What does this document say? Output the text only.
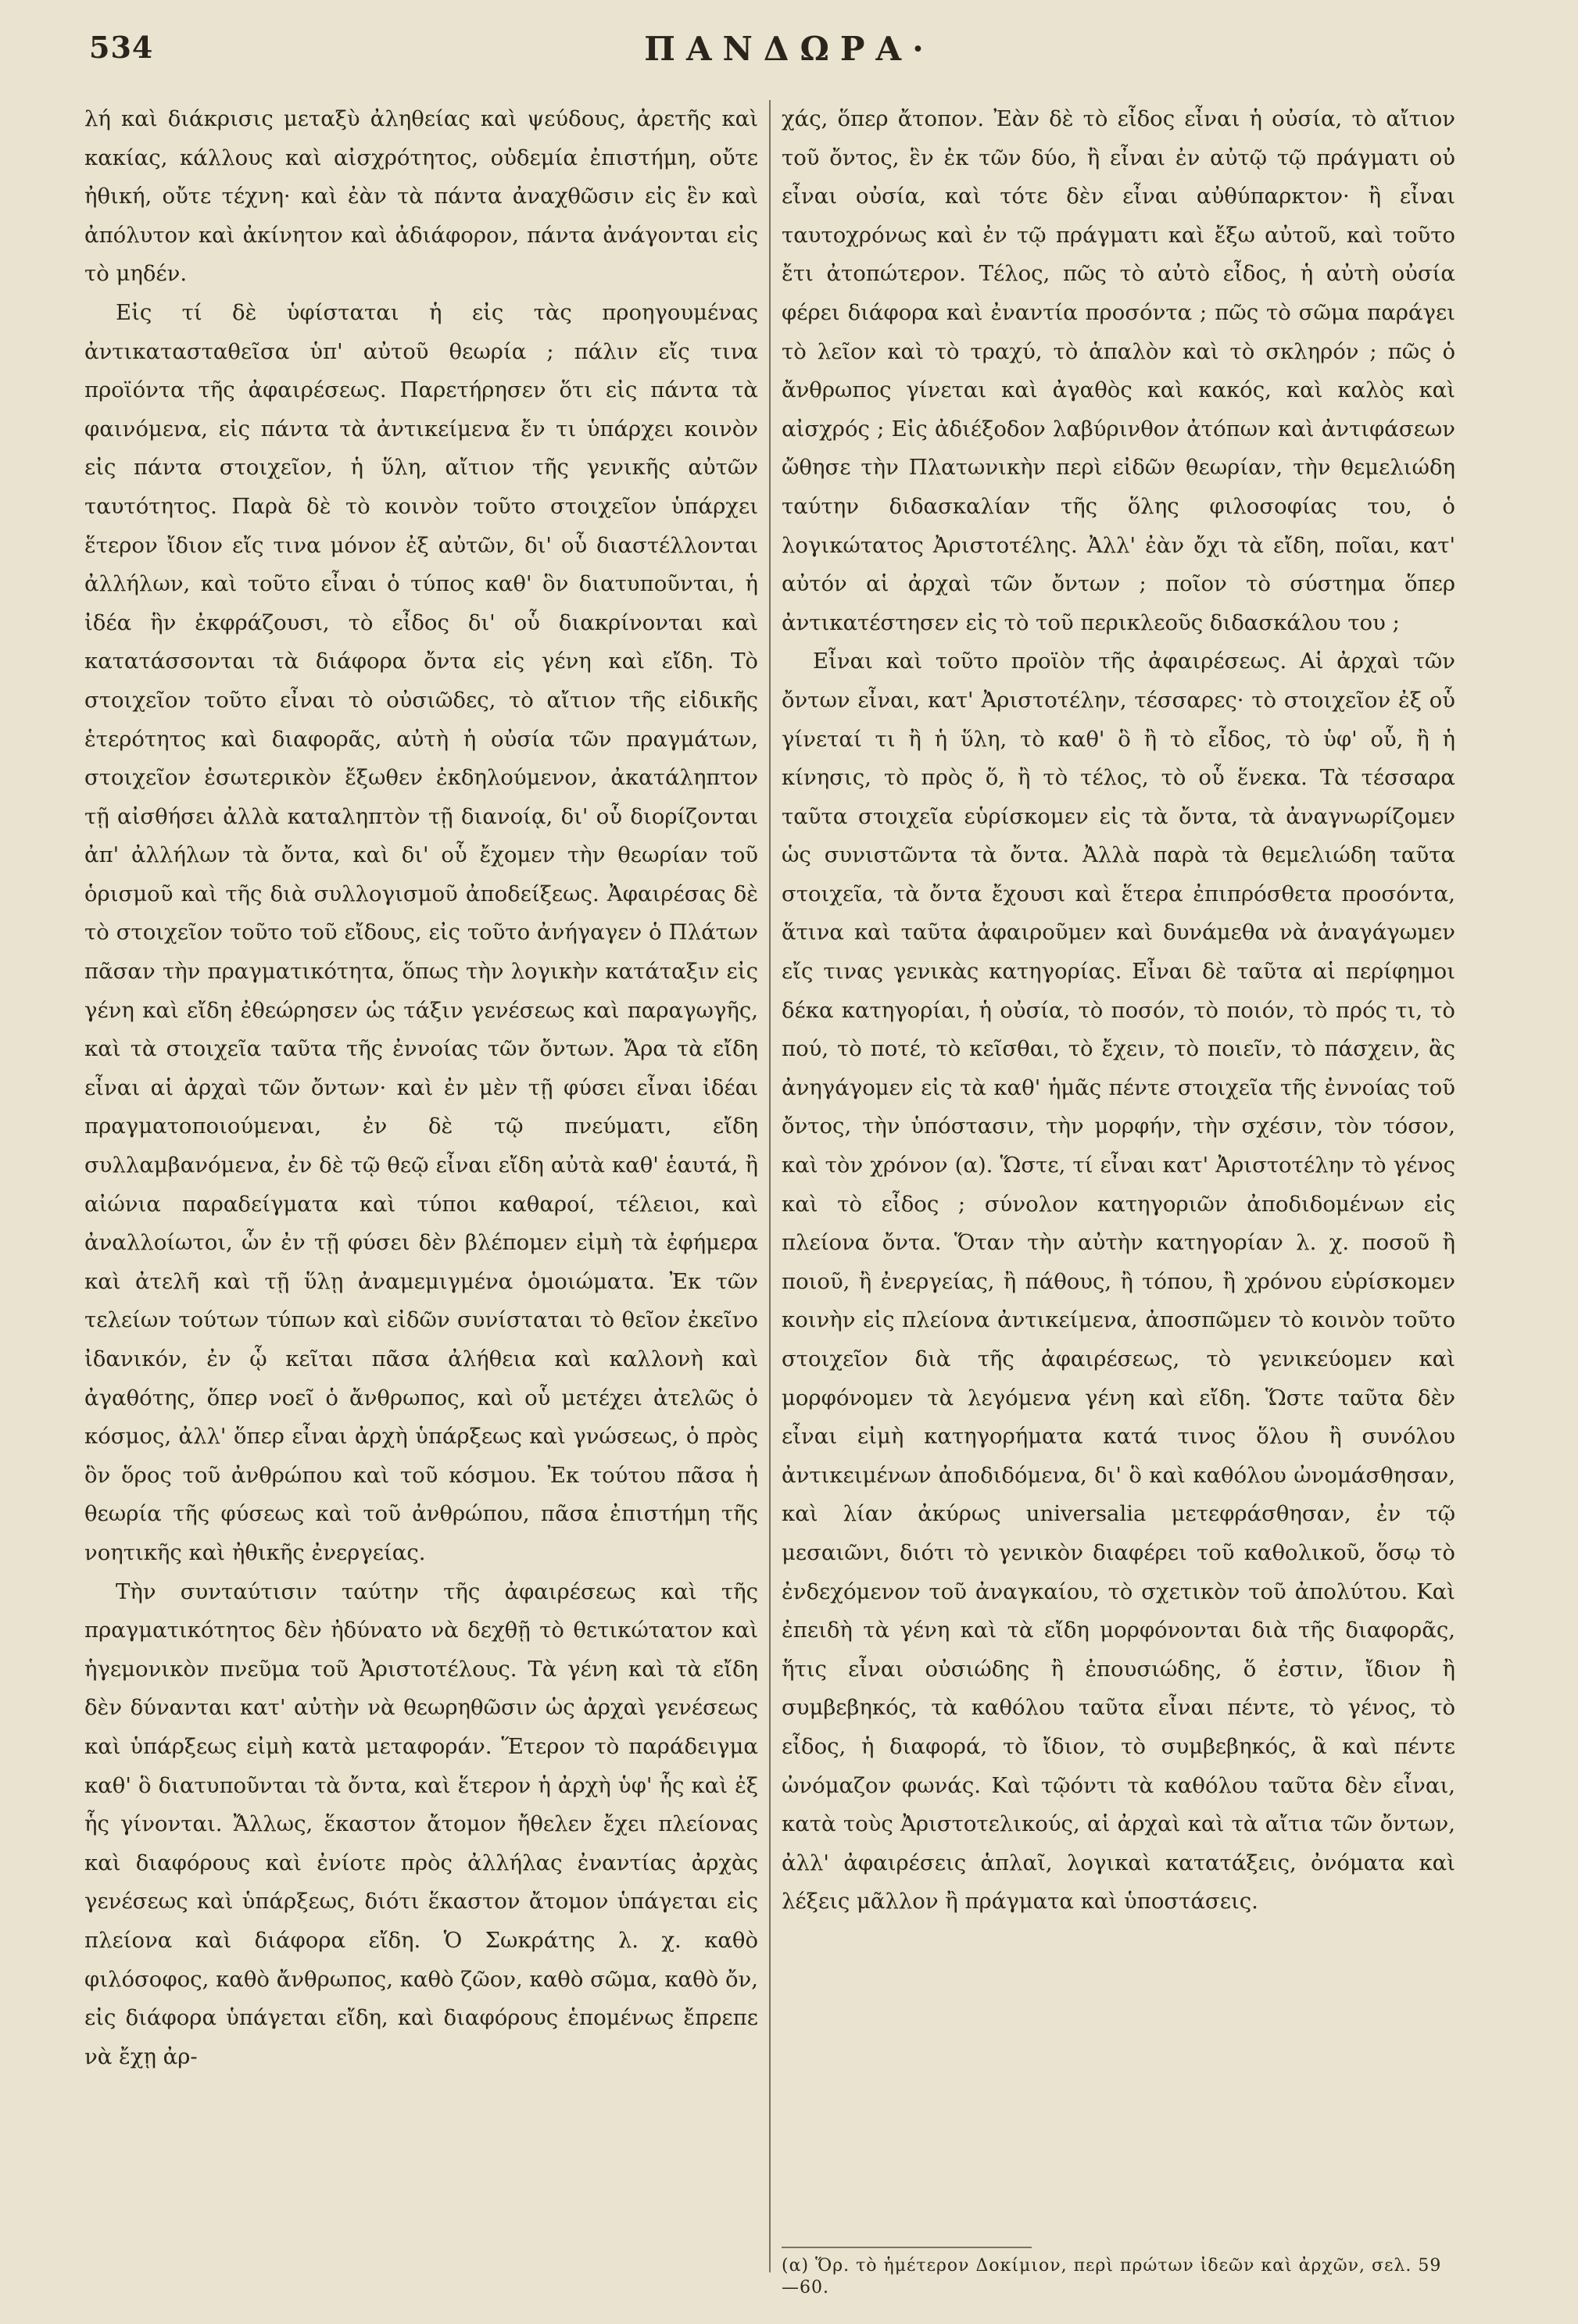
534	ΠΑΝΔΩΡΑ·

λή καὶ διάκρισις μεταξὺ ἀληθείας καὶ ψεύδους, ἀρετῆς καὶ κακίας, κάλλους καὶ αἰσχρότητος, οὐδεμία ἐπιστήμη, οὔτε ἠθική, οὔτε τέχνη· καὶ ἐὰν τὰ πάντα ἀναχθῶσιν εἰς ἓν καὶ ἀπόλυτον καὶ ἀκίνητον καὶ ἀδιάφορον, πάντα ἀνάγονται εἰς τὸ μηδέν.

Εἰς τί δὲ ὑφίσταται ἡ εἰς τὰς προηγουμένας ἀντικατασταθεῖσα ὑπ' αὐτοῦ θεωρία ; πάλιν εἴς τινα προϊόντα τῆς ἀφαιρέσεως. Παρετήρησεν ὅτι εἰς πάντα τὰ φαινόμενα, εἰς πάντα τὰ ἀντικείμενα ἔν τι ὑπάρχει κοινὸν εἰς πάντα στοιχεῖον, ἡ ὕλη, αἴτιον τῆς γενικῆς αὐτῶν ταυτότητος. Παρὰ δὲ τὸ κοινὸν τοῦτο στοιχεῖον ὑπάρχει ἕτερον ἴδιον εἴς τινα μόνον ἐξ αὐτῶν, δι' οὗ διαστέλλονται ἀλλήλων, καὶ τοῦτο εἶναι ὁ τύπος καθ' ὃν διατυποῦνται, ἡ ἰδέα ἣν ἐκφράζουσι, τὸ εἶδος δι' οὗ διακρίνονται καὶ κατατάσσονται τὰ διάφορα ὄντα εἰς γένη καὶ εἴδη. Τὸ στοιχεῖον τοῦτο εἶναι τὸ οὐσιῶδες, τὸ αἴτιον τῆς εἰδικῆς ἑτερότητος καὶ διαφορᾶς, αὐτὴ ἡ οὐσία τῶν πραγμάτων, στοιχεῖον ἐσωτερικὸν ἔξωθεν ἐκδηλούμενον, ἀκατάληπτον τῇ αἰσθήσει ἀλλὰ καταληπτὸν τῇ διανοίᾳ, δι' οὗ διορίζονται ἀπ' ἀλλήλων τὰ ὄντα, καὶ δι' οὗ ἔχομεν τὴν θεωρίαν τοῦ ὁρισμοῦ καὶ τῆς διὰ συλλογισμοῦ ἀποδείξεως. Ἀφαιρέσας δὲ τὸ στοιχεῖον τοῦτο τοῦ εἴδους, εἰς τοῦτο ἀνήγαγεν ὁ Πλάτων πᾶσαν τὴν πραγματικότητα, ὅπως τὴν λογικὴν κατάταξιν εἰς γένη καὶ εἴδη ἐθεώρησεν ὡς τάξιν γενέσεως καὶ παραγωγῆς, καὶ τὰ στοιχεῖα ταῦτα τῆς ἐννοίας τῶν ὄντων. Ἄρα τὰ εἴδη εἶναι αἱ ἀρχαὶ τῶν ὄντων· καὶ ἐν μὲν τῇ φύσει εἶναι ἰδέαι πραγματοποιούμεναι, ἐν δὲ τῷ πνεύματι, εἴδη συλλαμβανόμενα, ἐν δὲ τῷ θεῷ εἶναι εἴδη αὐτὰ καθ' ἑαυτά, ἢ αἰώνια παραδείγματα καὶ τύποι καθαροί, τέλειοι, καὶ ἀναλλοίωτοι, ὧν ἐν τῇ φύσει δὲν βλέπομεν εἰμὴ τὰ ἐφήμερα καὶ ἀτελῆ καὶ τῇ ὕλῃ ἀναμεμιγμένα ὁμοιώματα. Ἐκ τῶν τελείων τούτων τύπων καὶ εἰδῶν συνίσταται τὸ θεῖον ἐκεῖνο ἰδανικόν, ἐν ᾧ κεῖται πᾶσα ἀλήθεια καὶ καλλονὴ καὶ ἀγαθότης, ὅπερ νοεῖ ὁ ἄνθρωπος, καὶ οὗ μετέχει ἀτελῶς ὁ κόσμος, ἀλλ' ὅπερ εἶναι ἀρχὴ ὑπάρξεως καὶ γνώσεως, ὁ πρὸς ὃν ὅρος τοῦ ἀνθρώπου καὶ τοῦ κόσμου. Ἐκ τούτου πᾶσα ἡ θεωρία τῆς φύσεως καὶ τοῦ ἀνθρώπου, πᾶσα ἐπιστήμη τῆς νοητικῆς καὶ ἠθικῆς ἐνεργείας.

Τὴν συνταύτισιν ταύτην τῆς ἀφαιρέσεως καὶ τῆς πραγματικότητος δὲν ἠδύνατο νὰ δεχθῇ τὸ θετικώτατον καὶ ἡγεμονικὸν πνεῦμα τοῦ Ἀριστοτέλους. Τὰ γένη καὶ τὰ εἴδη δὲν δύνανται κατ' αὐτὴν νὰ θεωρηθῶσιν ὡς ἀρχαὶ γενέσεως καὶ ὑπάρξεως εἰμὴ κατὰ μεταφοράν. Ἕτερον τὸ παράδειγμα καθ' ὃ διατυποῦνται τὰ ὄντα, καὶ ἕτερον ἡ ἀρχὴ ὑφ' ἧς καὶ ἐξ ἧς γίνονται. Ἄλλως, ἕκαστον ἄτομον ἤθελεν ἔχει πλείονας καὶ διαφόρους καὶ ἐνίοτε πρὸς ἀλλήλας ἐναντίας ἀρχὰς γενέσεως καὶ ὑπάρξεως, διότι ἕκαστον ἄτομον ὑπάγεται εἰς πλείονα καὶ διάφορα εἴδη. Ὁ Σωκράτης λ. χ. καθὸ φιλόσοφος, καθὸ ἄνθρωπος, καθὸ ζῶον, καθὸ σῶμα, καθὸ ὄν, εἰς διάφορα ὑπάγεται εἴδη, καὶ διαφόρους ἑπομένως ἔπρεπε νὰ ἔχῃ ἀρ-

χάς, ὅπερ ἄτοπον. Ἐὰν δὲ τὸ εἶδος εἶναι ἡ οὐσία, τὸ αἴτιον τοῦ ὄντος, ἓν ἐκ τῶν δύο, ἢ εἶναι ἐν αὐτῷ τῷ πράγματι οὐ εἶναι οὐσία, καὶ τότε δὲν εἶναι αὐθύπαρκτον· ἢ εἶναι ταυτοχρόνως καὶ ἐν τῷ πράγματι καὶ ἔξω αὐτοῦ, καὶ τοῦτο ἔτι ἀτοπώτερον. Τέλος, πῶς τὸ αὐτὸ εἶδος, ἡ αὐτὴ οὐσία φέρει διάφορα καὶ ἐναντία προσόντα ; πῶς τὸ σῶμα παράγει τὸ λεῖον καὶ τὸ τραχύ, τὸ ἁπαλὸν καὶ τὸ σκληρόν ; πῶς ὁ ἄνθρωπος γίνεται καὶ ἀγαθὸς καὶ κακός, καὶ καλὸς καὶ αἰσχρός ; Εἰς ἀδιέξοδον λαβύρινθον ἀτόπων καὶ ἀντιφάσεων ὤθησε τὴν Πλατωνικὴν περὶ εἰδῶν θεωρίαν, τὴν θεμελιώδη ταύτην διδασκαλίαν τῆς ὅλης φιλοσοφίας του, ὁ λογικώτατος Ἀριστοτέλης. Ἀλλ' ἐὰν ὄχι τὰ εἴδη, ποῖαι, κατ' αὐτόν αἱ ἀρχαὶ τῶν ὄντων ; ποῖον τὸ σύστημα ὅπερ ἀντικατέστησεν εἰς τὸ τοῦ περικλεοῦς διδασκάλου του ;

Εἶναι καὶ τοῦτο προϊὸν τῆς ἀφαιρέσεως. Αἱ ἀρχαὶ τῶν ὄντων εἶναι, κατ' Ἀριστοτέλην, τέσσαρες· τὸ στοιχεῖον ἐξ οὗ γίνεταί τι ἢ ἡ ὕλη, τὸ καθ' ὃ ἢ τὸ εἶδος, τὸ ὑφ' οὗ, ἢ ἡ κίνησις, τὸ πρὸς ὅ, ἢ τὸ τέλος, τὸ οὗ ἕνεκα. Τὰ τέσσαρα ταῦτα στοιχεῖα εὑρίσκομεν εἰς τὰ ὄντα, τὰ ἀναγνωρίζομεν ὡς συνιστῶντα τὰ ὄντα. Ἀλλὰ παρὰ τὰ θεμελιώδη ταῦτα στοιχεῖα, τὰ ὄντα ἔχουσι καὶ ἕτερα ἐπιπρόσθετα προσόντα, ἅτινα καὶ ταῦτα ἀφαιροῦμεν καὶ δυνάμεθα νὰ ἀναγάγωμεν εἴς τινας γενικὰς κατηγορίας. Εἶναι δὲ ταῦτα αἱ περίφημοι δέκα κατηγορίαι, ἡ οὐσία, τὸ ποσόν, τὸ ποιόν, τὸ πρός τι, τὸ πού, τὸ ποτέ, τὸ κεῖσθαι, τὸ ἔχειν, τὸ ποιεῖν, τὸ πάσχειν, ἃς ἀνηγάγομεν εἰς τὰ καθ' ἡμᾶς πέντε στοιχεῖα τῆς ἐννοίας τοῦ ὄντος, τὴν ὑπόστασιν, τὴν μορφήν, τὴν σχέσιν, τὸν τόσον, καὶ τὸν χρόνον (α). Ὥστε, τί εἶναι κατ' Ἀριστοτέλην τὸ γένος καὶ τὸ εἶδος ; σύνολον κατηγοριῶν ἀποδιδομένων εἰς πλείονα ὄντα. Ὅταν τὴν αὐτὴν κατηγορίαν λ. χ. ποσοῦ ἢ ποιοῦ, ἢ ἐνεργείας, ἢ πάθους, ἢ τόπου, ἢ χρόνου εὑρίσκομεν κοινὴν εἰς πλείονα ἀντικείμενα, ἀποσπῶμεν τὸ κοινὸν τοῦτο στοιχεῖον διὰ τῆς ἀφαιρέσεως, τὸ γενικεύομεν καὶ μορφόνομεν τὰ λεγόμενα γένη καὶ εἴδη. Ὥστε ταῦτα δὲν εἶναι εἰμὴ κατηγορήματα κατά τινος ὅλου ἢ συνόλου ἀντικειμένων ἀποδιδόμενα, δι' ὃ καὶ καθόλου ὠνομάσθησαν, καὶ λίαν ἀκύρως universalia μετεφράσθησαν, ἐν τῷ μεσαιῶνι, διότι τὸ γενικὸν διαφέρει τοῦ καθολικοῦ, ὅσῳ τὸ ἐνδεχόμενον τοῦ ἀναγκαίου, τὸ σχετικὸν τοῦ ἀπολύτου. Καὶ ἐπειδὴ τὰ γένη καὶ τὰ εἴδη μορφόνονται διὰ τῆς διαφορᾶς, ἥτις εἶναι οὐσιώδης ἢ ἐπουσιώδης, ὅ ἐστιν, ἴδιον ἢ συμβεβηκός, τὰ καθόλου ταῦτα εἶναι πέντε, τὸ γένος, τὸ εἶδος, ἡ διαφορά, τὸ ἴδιον, τὸ συμβεβηκός, ἃ καὶ πέντε ὠνόμαζον φωνάς. Καὶ τῷόντι τὰ καθόλου ταῦτα δὲν εἶναι, κατὰ τοὺς Ἀριστοτελικούς, αἱ ἀρχαὶ καὶ τὰ αἴτια τῶν ὄντων, ἀλλ' ἀφαιρέσεις ἁπλαῖ, λογικαὶ κατατάξεις, ὀνόματα καὶ λέξεις μᾶλλον ἢ πράγματα καὶ ὑποστάσεις.

(α) Ὅρ. τὸ ἡμέτερον Δοκίμιον, περὶ πρώτων ἰδεῶν καὶ ἀρχῶν, σελ. 59—60.
